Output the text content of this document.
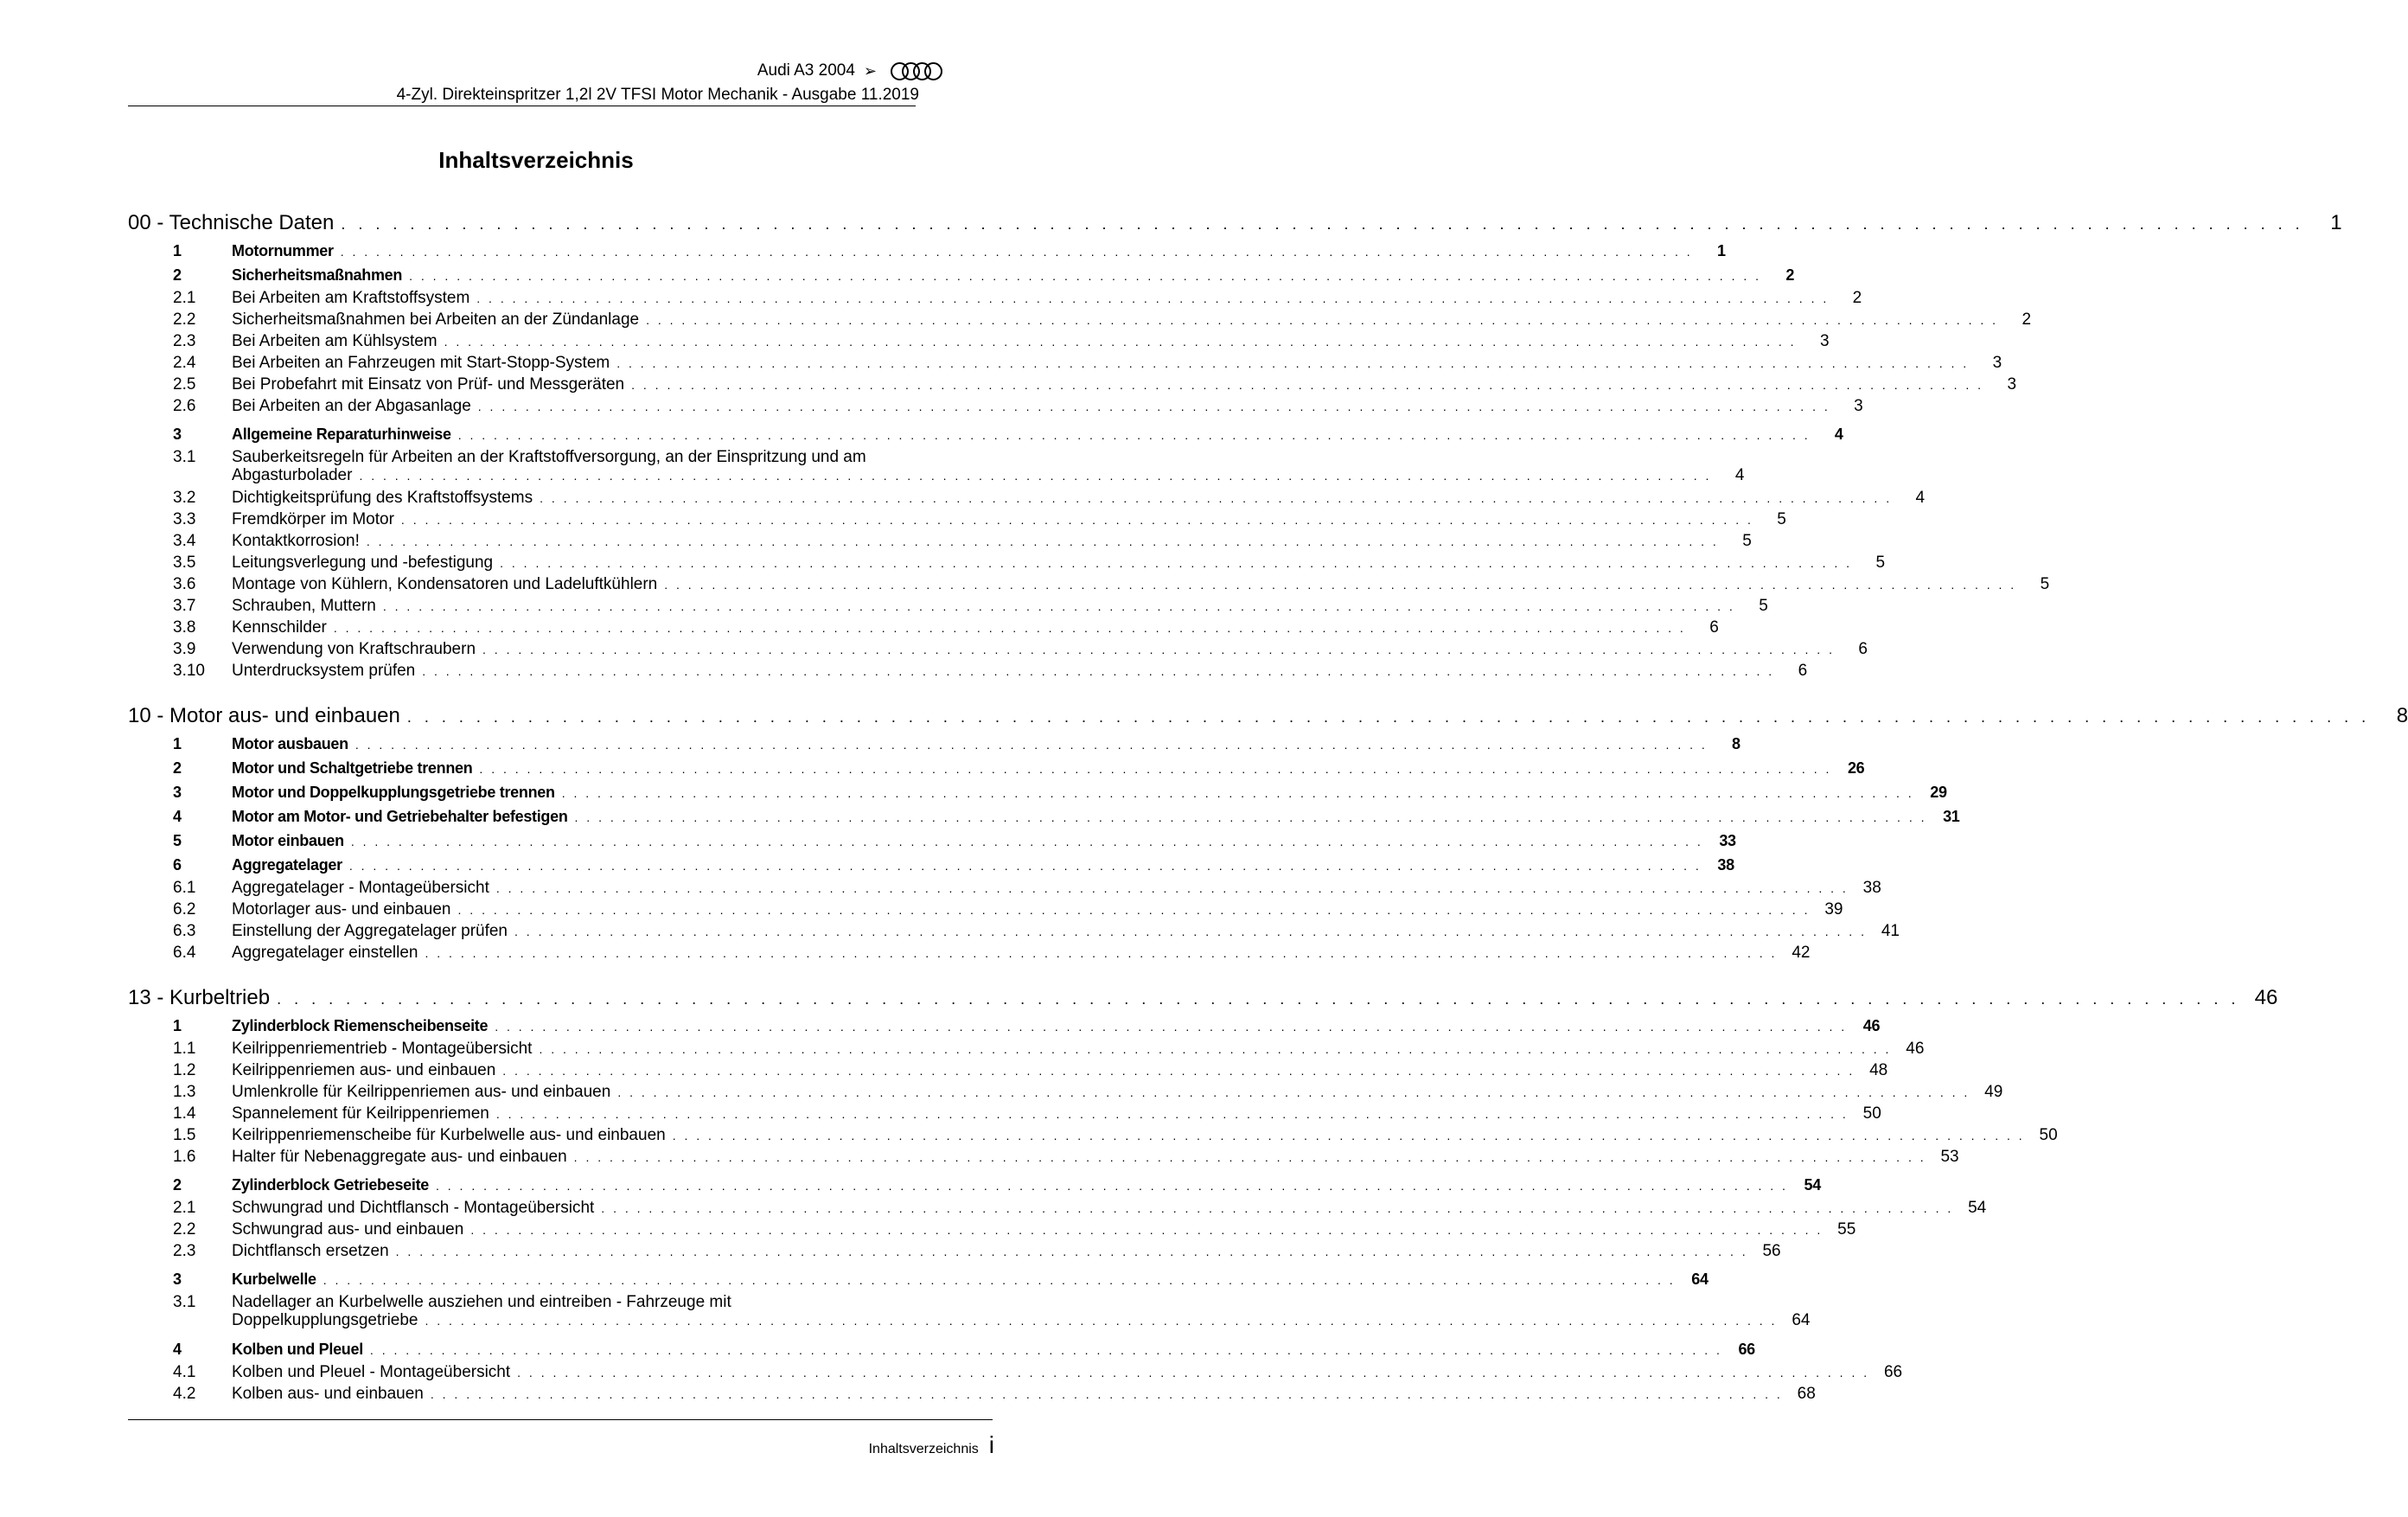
Audi A3 2004 ➢
4-Zyl. Direkteinspritzer 1,2l 2V TFSI Motor Mechanik - Ausgabe 11.2019
Inhaltsverzeichnis
00 - Technische Daten . . .	1
1	Motornummer . . .	1
2	Sicherheitsmaßnahmen . . .	2
2.1	Bei Arbeiten am Kraftstoffsystem . . .	2
2.2	Sicherheitsmaßnahmen bei Arbeiten an der Zündanlage . . .	2
2.3	Bei Arbeiten am Kühlsystem . . .	3
2.4	Bei Arbeiten an Fahrzeugen mit Start-Stopp-System . . .	3
2.5	Bei Probefahrt mit Einsatz von Prüf- und Messgeräten . . .	3
2.6	Bei Arbeiten an der Abgasanlage . . .	3
3	Allgemeine Reparaturhinweise . . .	4
3.1	Sauberkeitsregeln für Arbeiten an der Kraftstoffversorgung, an der Einspritzung und am
Abgasturbolader . . .	4
3.2	Dichtigkeitsprüfung des Kraftstoffsystems . . .	4
3.3	Fremdkörper im Motor . . .	5
3.4	Kontaktkorrosion! . . .	5
3.5	Leitungsverlegung und -befestigung . . .	5
3.6	Montage von Kühlern, Kondensatoren und Ladeluftkühlern . . .	5
3.7	Schrauben, Muttern . . .	5
3.8	Kennschilder . . .	6
3.9	Verwendung von Kraftschraubern . . .	6
3.10	Unterdrucksystem prüfen . . .	6
10 - Motor aus- und einbauen . . .	8
1	Motor ausbauen . . .	8
2	Motor und Schaltgetriebe trennen . . .	26
3	Motor und Doppelkupplungsgetriebe trennen . . .	29
4	Motor am Motor- und Getriebehalter befestigen . . .	31
5	Motor einbauen . . .	33
6	Aggregatelager . . .	38
6.1	Aggregatelager - Montageübersicht . . .	38
6.2	Motorlager aus- und einbauen . . .	39
6.3	Einstellung der Aggregatelager prüfen . . .	41
6.4	Aggregatelager einstellen . . .	42
13 - Kurbeltrieb . . .	46
1	Zylinderblock Riemenscheibenseite . . .	46
1.1	Keilrippenriementrieb - Montageübersicht . . .	46
1.2	Keilrippenriemen aus- und einbauen . . .	48
1.3	Umlenkrolle für Keilrippenriemen aus- und einbauen . . .	49
1.4	Spannelement für Keilrippenriemen . . .	50
1.5	Keilrippenriemenscheibe für Kurbelwelle aus- und einbauen . . .	50
1.6	Halter für Nebenaggregate aus- und einbauen . . .	53
2	Zylinderblock Getriebeseite . . .	54
2.1	Schwungrad und Dichtflansch - Montageübersicht . . .	54
2.2	Schwungrad aus- und einbauen . . .	55
2.3	Dichtflansch ersetzen . . .	56
3	Kurbelwelle . . .	64
3.1	Nadellager an Kurbelwelle ausziehen und eintreiben - Fahrzeuge mit
Doppelkupplungsgetriebe . . .	64
4	Kolben und Pleuel . . .	66
4.1	Kolben und Pleuel - Montageübersicht . . .	66
4.2	Kolben aus- und einbauen . . .	68
Inhaltsverzeichnis i
